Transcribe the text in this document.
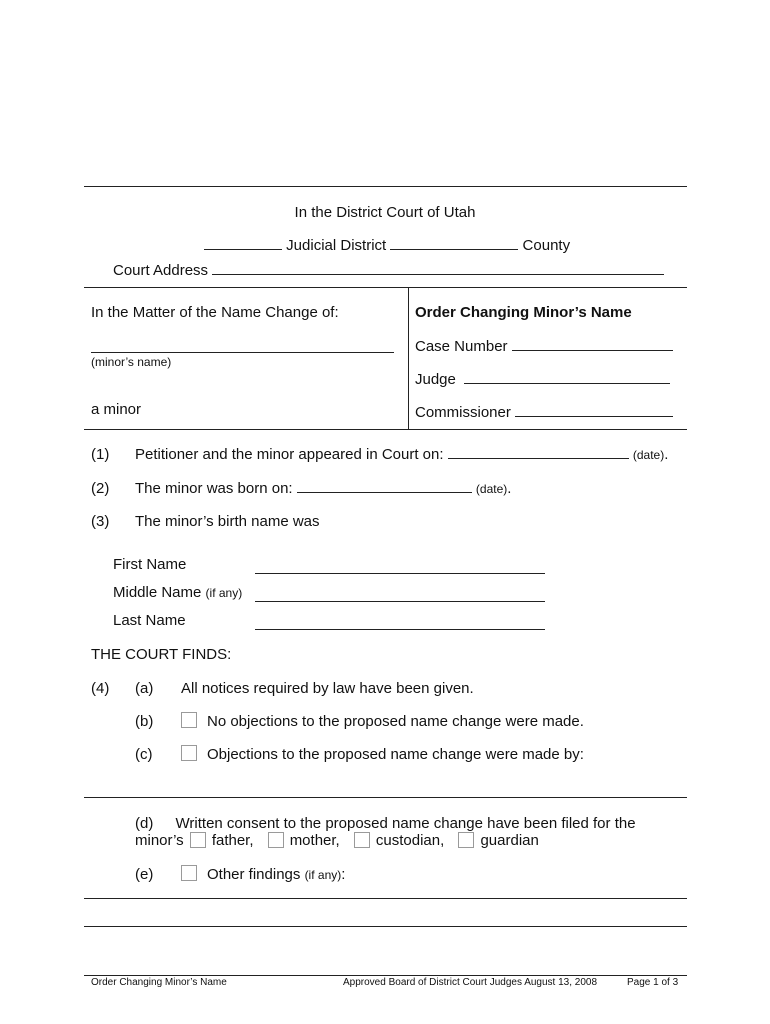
In the District Court of Utah
Judicial District	County
Court Address
In the Matter of the Name Change of:
(minor’s name)
a minor
Order Changing Minor’s Name
Case Number
Judge
Commissioner
(1) Petitioner and the minor appeared in Court on:	(date).
(2) The minor was born on:	(date).
(3) The minor’s birth name was
First Name
Middle Name (if any)
Last Name
THE COURT FINDS:
(4) (a) All notices required by law have been given.
(b)	No objections to the proposed name change were made.
(c)	Objections to the proposed name change were made by:
(d) Written consent to the proposed name change have been filed for the
minor’s father, mother, custodian, guardian
(e)	Other findings (if any):
Order Changing Minor’s Name	Approved Board of District Court Judges August 13, 2008	Page 1 of 3
